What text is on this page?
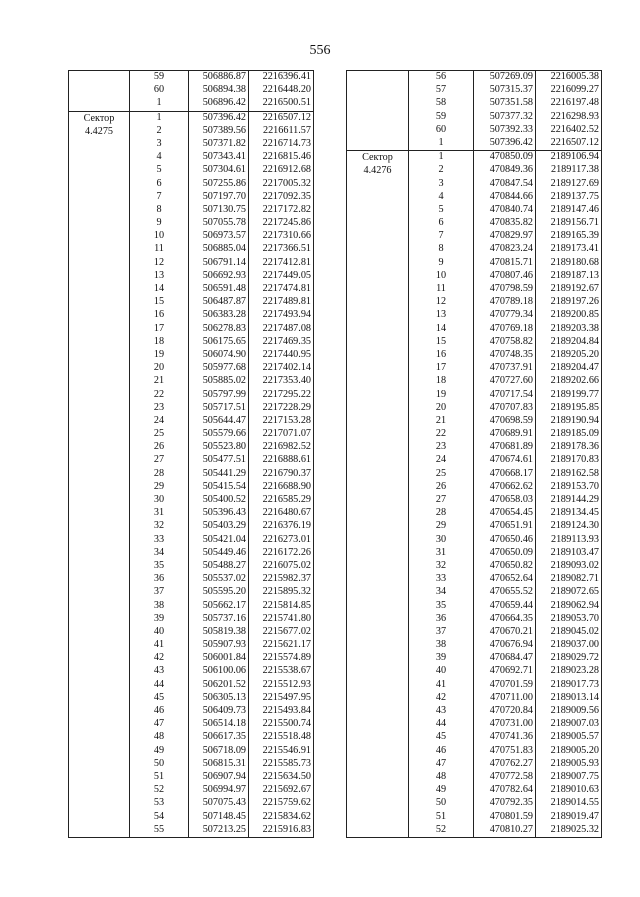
556
	59	506886.87	2216396.41
	60	506894.38	2216448.20
	1	506896.42	2216500.51

Сектор 4.4275	1	507396.42	2216507.12
	2	507389.56	2216611.57
	3	507371.82	2216714.73
	4	507343.41	2216815.46
	5	507304.61	2216912.68
	6	507255.86	2217005.32
	7	507197.70	2217092.35
	8	507130.75	2217172.82
	9	507055.78	2217245.86
	10	506973.57	2217310.66
	11	506885.04	2217366.51
	12	506791.14	2217412.81
	13	506692.93	2217449.05
	14	506591.48	2217474.81
	15	506487.87	2217489.81
	16	506383.28	2217493.94
	17	506278.83	2217487.08
	18	506175.65	2217469.35
	19	506074.90	2217440.95
	20	505977.68	2217402.14
	21	505885.02	2217353.40
	22	505797.99	2217295.22
	23	505717.51	2217228.29
	24	505644.47	2217153.28
	25	505579.66	2217071.07
	26	505523.80	2216982.52
	27	505477.51	2216888.61
	28	505441.29	2216790.37
	29	505415.54	2216688.90
	30	505400.52	2216585.29
	31	505396.43	2216480.67
	32	505403.29	2216376.19
	33	505421.04	2216273.01
	34	505449.46	2216172.26
	35	505488.27	2216075.02
	36	505537.02	2215982.37
	37	505595.20	2215895.32
	38	505662.17	2215814.85
	39	505737.16	2215741.80
	40	505819.38	2215677.02
	41	505907.93	2215621.17
	42	506001.84	2215574.89
	43	506100.06	2215538.67
	44	506201.52	2215512.93
	45	506305.13	2215497.95
	46	506409.73	2215493.84
	47	506514.18	2215500.74
	48	506617.35	2215518.48
	49	506718.09	2215546.91
	50	506815.31	2215585.73
	51	506907.94	2215634.50
	52	506994.97	2215692.67
	53	507075.43	2215759.62
	54	507148.45	2215834.62
	55	507213.25	2215916.83
	56	507269.09	2216005.38
	57	507315.37	2216099.27
	58	507351.58	2216197.48
	59	507377.32	2216298.93
	60	507392.33	2216402.52
	1	507396.42	2216507.12

Сектор 4.4276	1	470850.09	2189106.94
	2	470849.36	2189117.38
	3	470847.54	2189127.69
	4	470844.66	2189137.75
	5	470840.74	2189147.46
	6	470835.82	2189156.71
	7	470829.97	2189165.39
	8	470823.24	2189173.41
	9	470815.71	2189180.68
	10	470807.46	2189187.13
	11	470798.59	2189192.67
	12	470789.18	2189197.26
	13	470779.34	2189200.85
	14	470769.18	2189203.38
	15	470758.82	2189204.84
	16	470748.35	2189205.20
	17	470737.91	2189204.47
	18	470727.60	2189202.66
	19	470717.54	2189199.77
	20	470707.83	2189195.85
	21	470698.59	2189190.94
	22	470689.91	2189185.09
	23	470681.89	2189178.36
	24	470674.61	2189170.83
	25	470668.17	2189162.58
	26	470662.62	2189153.70
	27	470658.03	2189144.29
	28	470654.45	2189134.45
	29	470651.91	2189124.30
	30	470650.46	2189113.93
	31	470650.09	2189103.47
	32	470650.82	2189093.02
	33	470652.64	2189082.71
	34	470655.52	2189072.65
	35	470659.44	2189062.94
	36	470664.35	2189053.70
	37	470670.21	2189045.02
	38	470676.94	2189037.00
	39	470684.47	2189029.72
	40	470692.71	2189023.28
	41	470701.59	2189017.73
	42	470711.00	2189013.14
	43	470720.84	2189009.56
	44	470731.00	2189007.03
	45	470741.36	2189005.57
	46	470751.83	2189005.20
	47	470762.27	2189005.93
	48	470772.58	2189007.75
	49	470782.64	2189010.63
	50	470792.35	2189014.55
	51	470801.59	2189019.47
	52	470810.27	2189025.32
